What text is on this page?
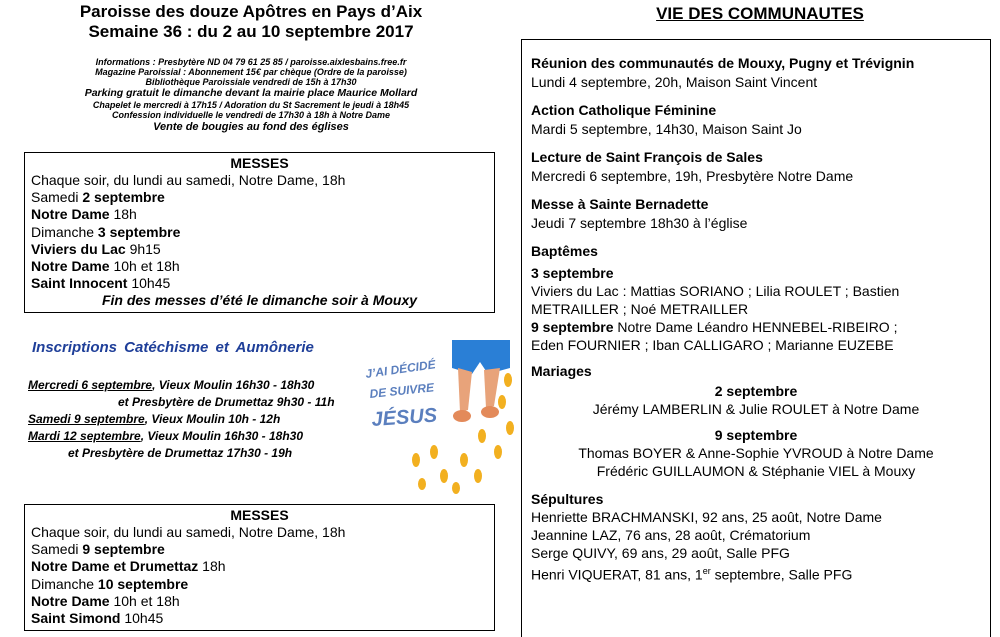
Paroisse des douze Apôtres en Pays d’Aix
Semaine 36 : du 2 au 10 septembre 2017
Informations : Presbytère ND 04 79 61 25 85 / paroisse.aixlesbains.free.fr
Magazine Paroissial : Abonnement 15€ par chèque (Ordre de la paroisse)
Bibliothèque Paroissiale vendredi de 15h à 17h30
Parking gratuit le dimanche devant la mairie place Maurice Mollard
Chapelet le mercredi à 17h15 / Adoration du St Sacrement le jeudi à 18h45
Confession individuelle le vendredi de 17h30 à 18h à Notre Dame
Vente de bougies au fond des églises
MESSES
Chaque soir, du lundi au samedi, Notre Dame, 18h
Samedi 2 septembre
Notre Dame 18h
Dimanche 3 septembre
Viviers du Lac 9h15
Notre Dame 10h et 18h
Saint Innocent 10h45
Fin des messes d’été le dimanche soir à Mouxy
Inscriptions Catéchisme et Aumônerie
Mercredi 6 septembre, Vieux Moulin 16h30 - 18h30
et Presbytère de Drumettaz 9h30 - 11h
Samedi 9 septembre, Vieux Moulin 10h - 12h
Mardi 12 septembre, Vieux Moulin 16h30 - 18h30
et Presbytère de Drumettaz 17h30 - 19h
J’AI DÉCIDÉ
DE SUIVRE
JÉSUS
MESSES
Chaque soir, du lundi au samedi, Notre Dame, 18h
Samedi 9 septembre
Notre Dame et Drumettaz 18h
Dimanche 10 septembre
Notre Dame 10h et 18h
Saint Simond 10h45
VIE DES COMMUNAUTES
Réunion des communautés de Mouxy, Pugny et Trévignin
Lundi 4 septembre, 20h, Maison Saint Vincent
Action Catholique Féminine
Mardi 5 septembre, 14h30, Maison Saint Jo
Lecture de Saint François de Sales
Mercredi 6 septembre, 19h, Presbytère Notre Dame
Messe à Sainte Bernadette
Jeudi 7 septembre 18h30 à l’église
Baptêmes
3 septembre
Viviers du Lac : Mattias SORIANO ; Lilia ROULET ; Bastien
METRAILLER ; Noé METRAILLER
9 septembre Notre Dame Léandro HENNEBEL-RIBEIRO ;
Eden FOURNIER ; Iban CALLIGARO ; Marianne EUZEBE
Mariages
2 septembre
Jérémy LAMBERLIN & Julie ROULET à Notre Dame
9 septembre
Thomas BOYER & Anne-Sophie YVROUD à Notre Dame
Frédéric GUILLAUMON & Stéphanie VIEL à Mouxy
Sépultures
Henriette BRACHMANSKI, 92 ans, 25 août, Notre Dame
Jeannine LAZ, 76 ans, 28 août, Crématorium
Serge QUIVY, 69 ans, 29 août, Salle PFG
Henri VIQUERAT, 81 ans, 1er septembre, Salle PFG
